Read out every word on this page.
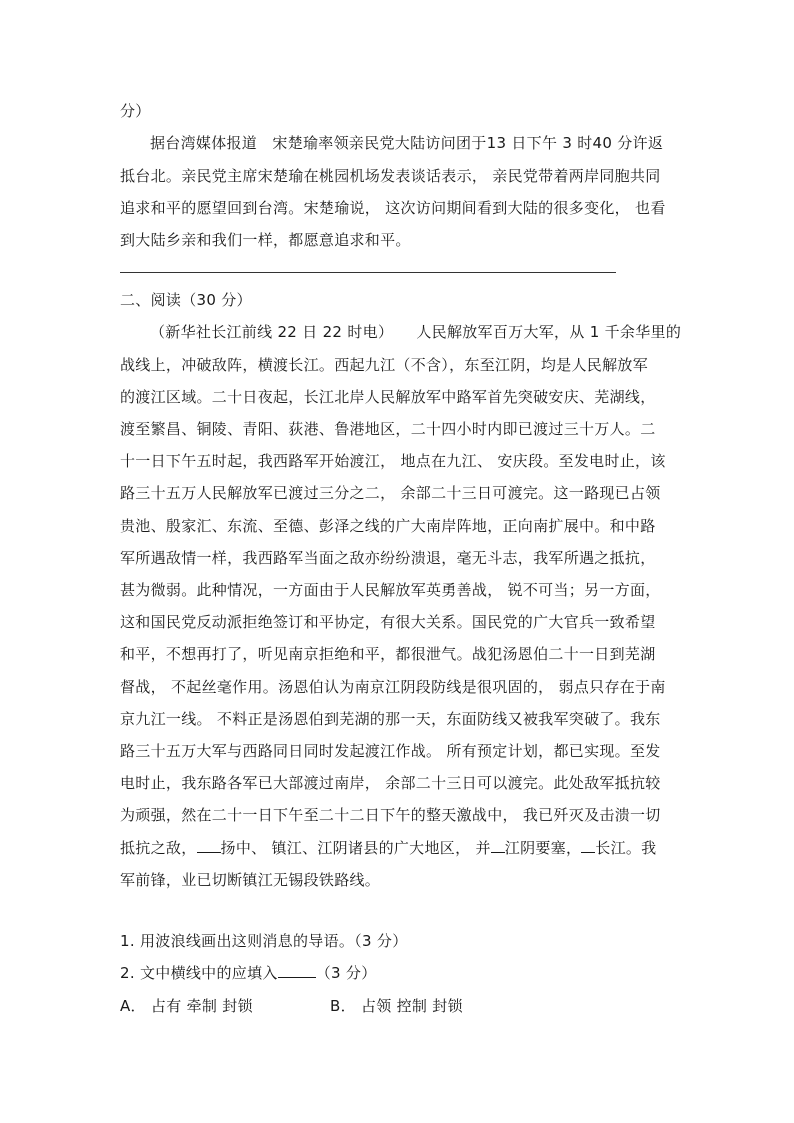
分）
据台湾媒体报道　宋楚瑜率领亲民党大陆访问团于13 日下午 3 时40 分许返
抵台北。亲民党主席宋楚瑜在桃园机场发表谈话表示， 亲民党带着两岸同胞共同
追求和平的愿望回到台湾。宋楚瑜说， 这次访问期间看到大陆的很多变化， 也看
到大陆乡亲和我们一样，都愿意追求和平。
二、阅读（30 分）
（新华社长江前线 22 日 22 时电）　　人民解放军百万大军，从 1 千余华里的
战线上，冲破敌阵，横渡长江。西起九江（不含），东至江阴，均是人民解放军
的渡江区域。二十日夜起，长江北岸人民解放军中路军首先突破安庆、芜湖线，
渡至繁昌、铜陵、青阳、荻港、鲁港地区，二十四小时内即已渡过三十万人。二
十一日下午五时起，我西路军开始渡江， 地点在九江、 安庆段。至发电时止，该
路三十五万人民解放军已渡过三分之二， 余部二十三日可渡完。这一路现已占领
贵池、殷家汇、东流、至德、彭泽之线的广大南岸阵地，正向南扩展中。和中路
军所遇敌情一样，我西路军当面之敌亦纷纷溃退，毫无斗志，我军所遇之抵抗，
甚为微弱。此种情况，一方面由于人民解放军英勇善战， 锐不可当；另一方面，
这和国民党反动派拒绝签订和平协定，有很大关系。国民党的广大官兵一致希望
和平，不想再打了，听见南京拒绝和平，都很泄气。战犯汤恩伯二十一日到芜湖
督战， 不起丝毫作用。汤恩伯认为南京江阴段防线是很巩固的， 弱点只存在于南
京九江一线。 不料正是汤恩伯到芜湖的那一天，东面防线又被我军突破了。我东
路三十五万大军与西路同日同时发起渡江作战。 所有预定计划，都已实现。至发
电时止，我东路各军已大部渡过南岸， 余部二十三日可以渡完。此处敌军抵抗较
为顽强，然在二十一日下午至二十二日下午的整天激战中， 我已歼灭及击溃一切
抵抗之敌， 扬中、 镇江、江阴诸县的广大地区， 并 江阴要塞， 长江。我
军前锋，业已切断镇江无锡段铁路线。
1. 用波浪线画出这则消息的导语。（3 分）
2. 文中横线中的应填入	（3 分）
A． 占有 牵制 封锁	B． 占领 控制 封锁
